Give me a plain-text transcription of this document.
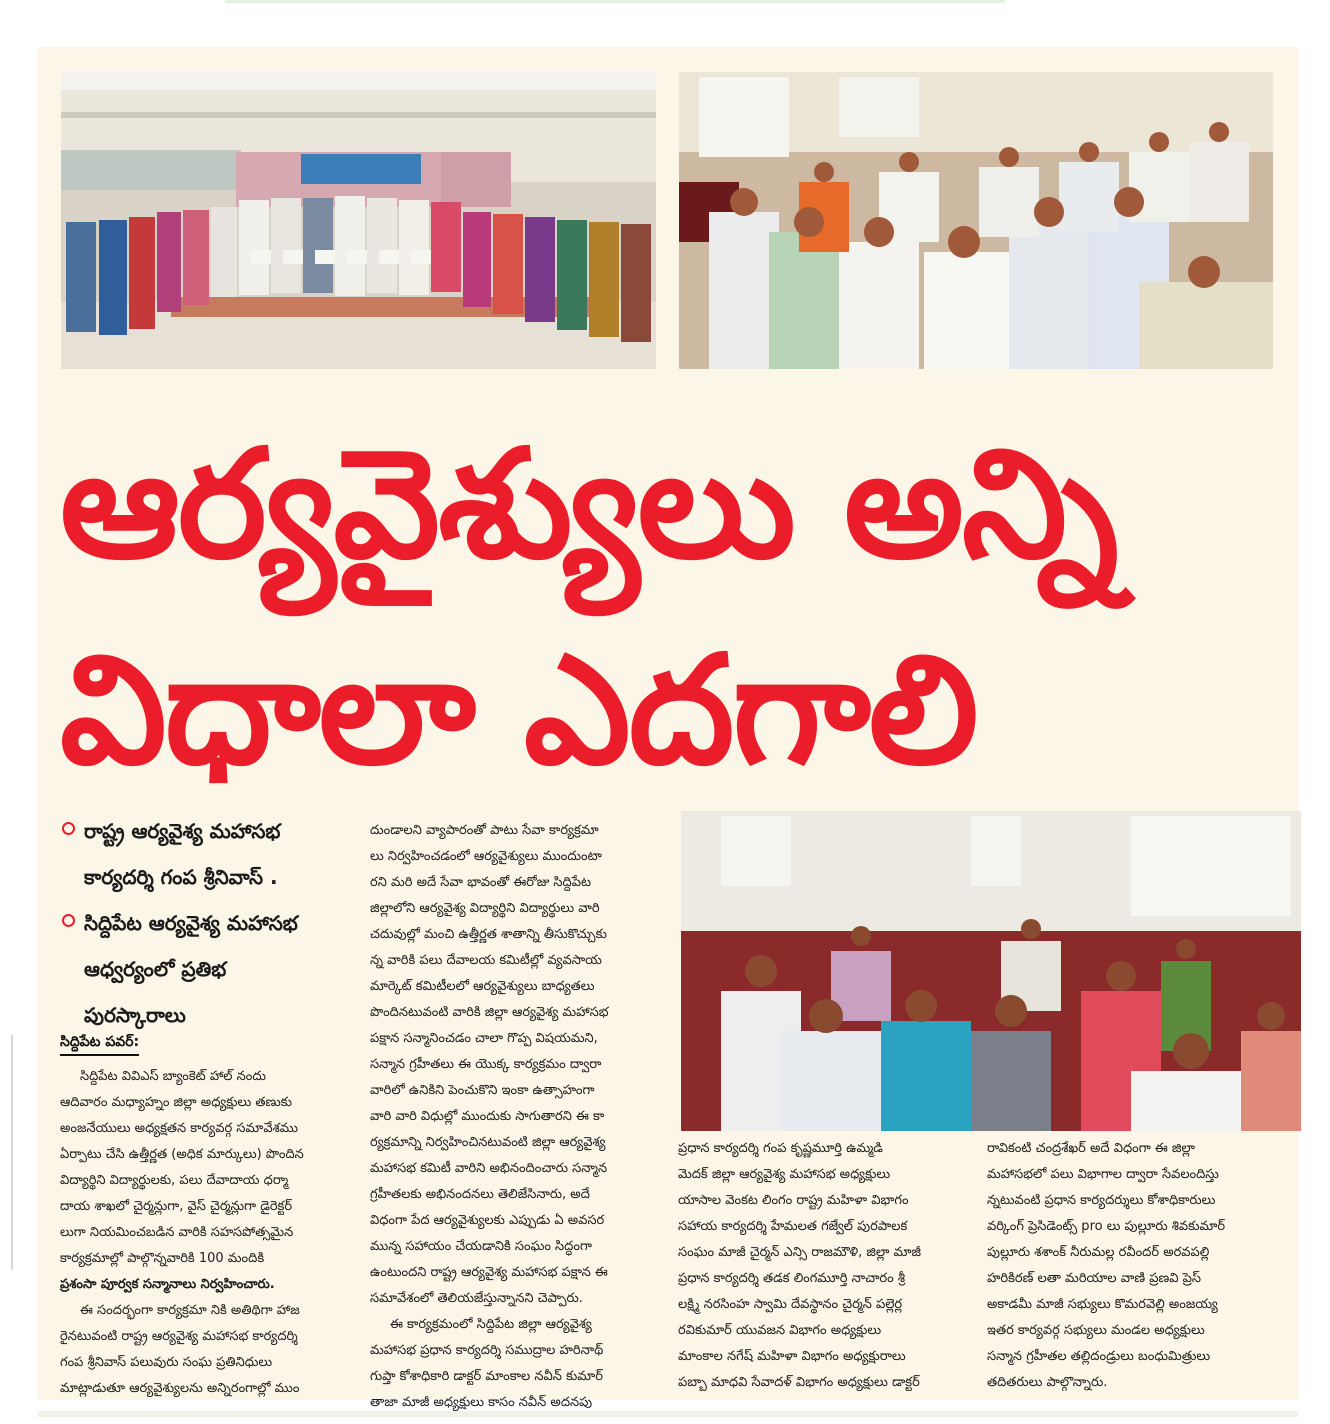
ఆర్యవైశ్యులు అన్ని
విధాలా ఎదగాలి
రాష్ట్ర ఆర్యవైశ్య మహాసభ
కార్యదర్శి గంప శ్రీనివాస్ .
సిద్దిపేట ఆర్యవైశ్య మహాసభ
ఆధ్వర్యంలో ప్రతిభ
పురస్కారాలు
సిద్దిపేట పవర్:

సిద్దిపేట వివిఎస్ బ్యాంకెట్ హాల్ నందు

ఆదివారం మధ్యాహ్నం జిల్లా అధ్యక్షులు తణుకు

అంజనేయులు అధ్యక్షతన కార్యవర్గ సమావేశము

ఏర్పాటు చేసి ఉత్తీర్ణత (అధిక మార్కులు) పొందిన

విద్యార్థిని విద్యార్థులకు, పలు దేవాదాయ ధర్మా

దాయ శాఖలో చైర్మన్లుగా, వైస్ చైర్మన్లుగా డైరెక్టర్

లుగా నియమించబడిన వారికి సహసపోత్సమైన

కార్యక్రమాల్లో పాల్గొన్నవారికి 100 మందికి

ప్రశంసా పూర్వక సన్మానాలు నిర్వహించారు.

ఈ సందర్భంగా కార్యక్రమా నికి అతిథిగా హాజ

రైనటువంటి రాష్ట్ర ఆర్యవైశ్య మహాసభ కార్యదర్శి

గంప శ్రీనివాస్ పలువురు సంఘ ప్రతినిధులు

మాట్లాడుతూ ఆర్యవైశ్యులను అన్నిరంగాల్లో ముం

దుండాలని వ్యాపారంతో పాటు సేవా కార్యక్రమా

లు నిర్వహించడంలో ఆర్యవైశ్యులు ముందుంటా

రని మరి అదే సేవా భావంతో ఈరోజు సిద్దిపేట

జిల్లాలోని ఆర్యవైశ్య విద్యార్థిని విద్యార్థులు వారి

చదువుల్లో మంచి ఉత్తీర్ణత శాతాన్ని తీసుకొచ్చుకు

న్న వారికి పలు దేవాలయ కమిటీల్లో వ్యవసాయ

మార్కెట్ కమిటీలలో ఆర్యవైశ్యులు బాధ్యతలు

పొందినటువంటి వారికి జిల్లా ఆర్యవైశ్య మహాసభ

పక్షాన సన్మానించడం చాలా గొప్ప విషయమని,

సన్మాన గ్రహీతలు ఈ యొక్క కార్యక్రమం ద్వారా

వారిలో ఉనికిని పెంచుకొని ఇంకా ఉత్సాహంగా

వారి వారి విధుల్లో ముందుకు సాగుతారని ఈ కా

ర్యక్రమాన్ని నిర్వహించినటువంటి జిల్లా ఆర్యవైశ్య

మహాసభ కమిటీ వారిని అభినందించారు సన్మాన

గ్రహీతలకు అభినందనలు తెలిజేసినారు, అదే

విధంగా పేద ఆర్యవైశ్యులకు ఎప్పుడు ఏ అవసర

మున్న సహాయం చేయడానికి సంఘం సిద్ధంగా

ఉంటుందని రాష్ట్ర ఆర్యవైశ్య మహాసభ పక్షాన ఈ

సమావేశంలో తెలియజేస్తున్నానని చెప్పారు.

ఈ కార్యక్రమంలో సిద్దిపేట జిల్లా ఆర్యవైశ్య

మహాసభ ప్రధాన కార్యదర్శి సముద్రాల హరినాథ్

గుప్తా కోశాధికారి డాక్టర్ మాంకాల నవీన్ కుమార్

తాజా మాజీ అధ్యక్షులు కాసం నవీన్ అదనపు

ప్రధాన కార్యదర్శి గంప కృష్ణమూర్తి ఉమ్మడి

మెదక్ జిల్లా ఆర్యవైశ్య మహాసభ అధ్యక్షులు

యాసాల వెంకట లింగం రాష్ట్ర మహిళా విభాగం

సహాయ కార్యదర్శి హేమలత గజ్వేల్ పురపాలక

సంఘం మాజీ చైర్మన్ ఎన్సి రాజమౌళి, జిల్లా మాజీ

ప్రధాన కార్యదర్శి తడక లింగమూర్తి నాచారం శ్రీ

లక్ష్మి నరసింహ స్వామి దేవస్థానం చైర్మన్ పల్లెర్ల

రవికుమార్ యువజన విభాగం అధ్యక్షులు

మాంకాల నగేష్ మహిళా విభాగం అధ్యక్షురాలు

పబ్బా మాధవి సేవాదళ్ విభాగం అధ్యక్షులు డాక్టర్

రావికంటి చంద్రశేఖర్ అదే విధంగా ఈ జిల్లా

మహాసభలో పలు విభాగాల ద్వారా సేవలందిస్తు

న్నటువంటి ప్రధాన కార్యదర్శులు కోశాధికారులు

వర్కింగ్ ప్రెసిడెంట్స్ pro లు పుల్లూరు శివకుమార్

పుల్లూరు శశాంక్ నీరుమల్ల రవీందర్ అరవపల్లి

హరికిరణ్ లతా మరియాల వాణి ప్రణవి ప్రెస్

అకాడమీ మాజీ సభ్యులు కొమరవెల్లి అంజయ్య

ఇతర కార్యవర్గ సభ్యులు మండల అధ్యక్షులు

సన్మాన గ్రహీతల తల్లిదండ్రులు బంధుమిత్రులు

తదితరులు పాల్గొన్నారు.
